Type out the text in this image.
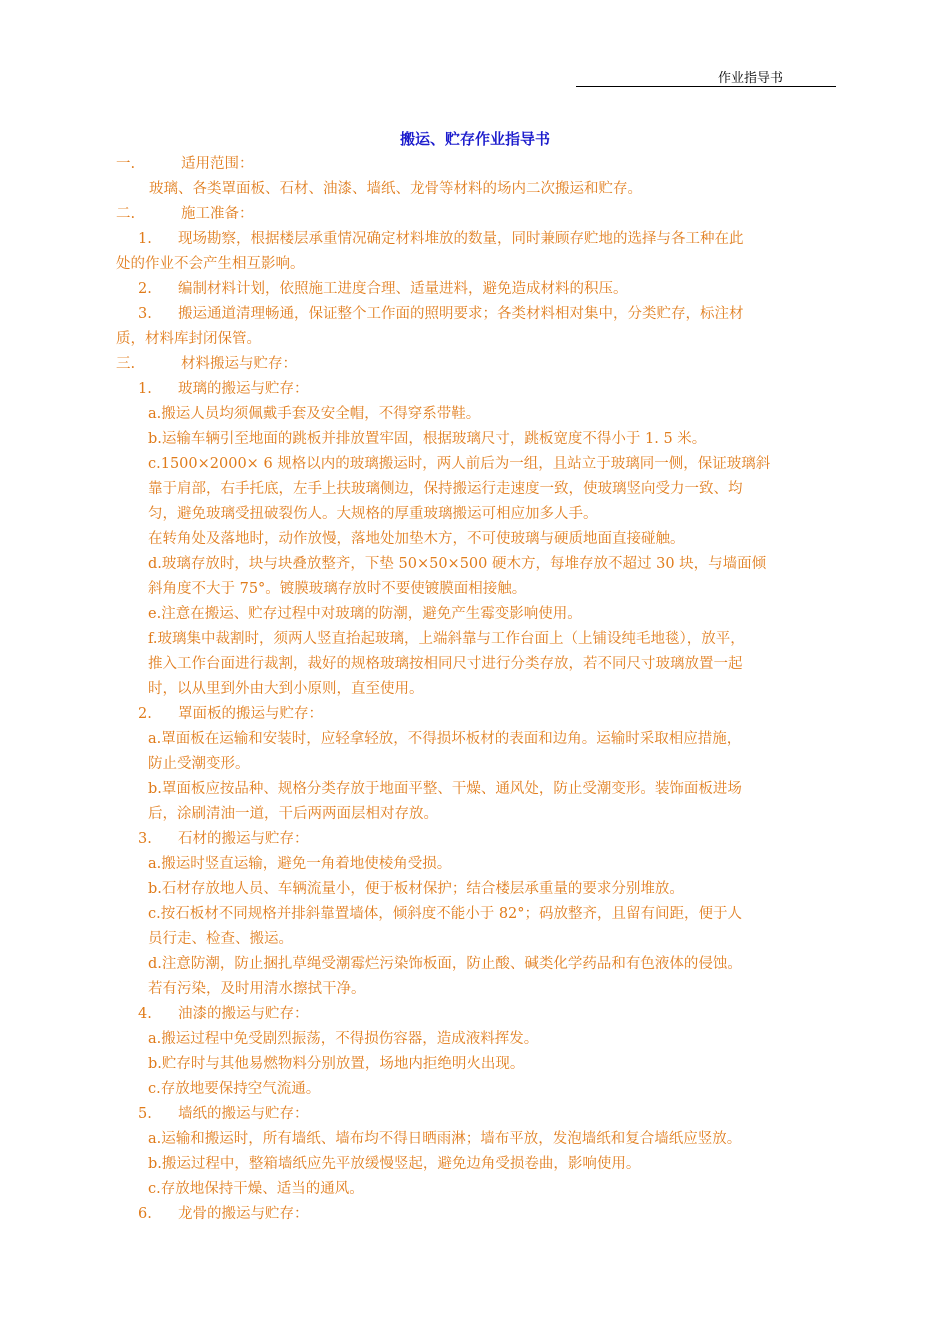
作业指导书
搬运、贮存作业指导书
一.	适用范围：
玻璃、各类罩面板、石材、油漆、墙纸、龙骨等材料的场内二次搬运和贮存。
二.	施工准备：
1. 现场勘察，根据楼层承重情况确定材料堆放的数量，同时兼顾存贮地的选择与各工种在此
处的作业不会产生相互影响。
2. 编制材料计划，依照施工进度合理、适量进料，避免造成材料的积压。
3. 搬运通道清理畅通，保证整个工作面的照明要求；各类材料相对集中，分类贮存，标注材
质，材料库封闭保管。
三.	材料搬运与贮存：
1. 玻璃的搬运与贮存：
a.搬运人员均须佩戴手套及安全帽，不得穿系带鞋。
b.运输车辆引至地面的跳板并排放置牢固，根据玻璃尺寸，跳板宽度不得小于 1. 5 米。
c.1500×2000× 6 规格以内的玻璃搬运时，两人前后为一组，且站立于玻璃同一侧，保证玻璃斜
靠于肩部，右手托底，左手上扶玻璃侧边，保持搬运行走速度一致，使玻璃竖向受力一致、均
匀，避免玻璃受扭破裂伤人。大规格的厚重玻璃搬运可相应加多人手。
在转角处及落地时，动作放慢，落地处加垫木方，不可使玻璃与硬质地面直接碰触。
d.玻璃存放时，块与块叠放整齐，下垫 50×50×500 硬木方，每堆存放不超过 30 块，与墙面倾
斜角度不大于 75°。镀膜玻璃存放时不要使镀膜面相接触。
e.注意在搬运、贮存过程中对玻璃的防潮，避免产生霉变影响使用。
f.玻璃集中裁割时，须两人竖直抬起玻璃，上端斜靠与工作台面上（上铺设纯毛地毯），放平，
推入工作台面进行裁割，裁好的规格玻璃按相同尺寸进行分类存放，若不同尺寸玻璃放置一起
时，以从里到外由大到小原则，直至使用。
2. 罩面板的搬运与贮存：
a.罩面板在运输和安装时，应轻拿轻放，不得损坏板材的表面和边角。运输时采取相应措施，
防止受潮变形。
b.罩面板应按品种、规格分类存放于地面平整、干燥、通风处，防止受潮变形。装饰面板进场
后，涂刷清油一道，干后两两面层相对存放。
3. 石材的搬运与贮存：
a.搬运时竖直运输，避免一角着地使棱角受损。
b.石材存放地人员、车辆流量小，便于板材保护；结合楼层承重量的要求分别堆放。
c.按石板材不同规格并排斜靠置墙体，倾斜度不能小于 82°；码放整齐，且留有间距，便于人
员行走、检查、搬运。
d.注意防潮，防止捆扎草绳受潮霉烂污染饰板面，防止酸、碱类化学药品和有色液体的侵蚀。
若有污染，及时用清水擦拭干净。
4. 油漆的搬运与贮存：
a.搬运过程中免受剧烈振荡，不得损伤容器，造成液料挥发。
b.贮存时与其他易燃物料分别放置，场地内拒绝明火出现。
c.存放地要保持空气流通。
5. 墙纸的搬运与贮存：
a.运输和搬运时，所有墙纸、墙布均不得日晒雨淋；墙布平放，发泡墙纸和复合墙纸应竖放。
b.搬运过程中，整箱墙纸应先平放缓慢竖起，避免边角受损卷曲，影响使用。
c.存放地保持干燥、适当的通风。
6. 龙骨的搬运与贮存：
